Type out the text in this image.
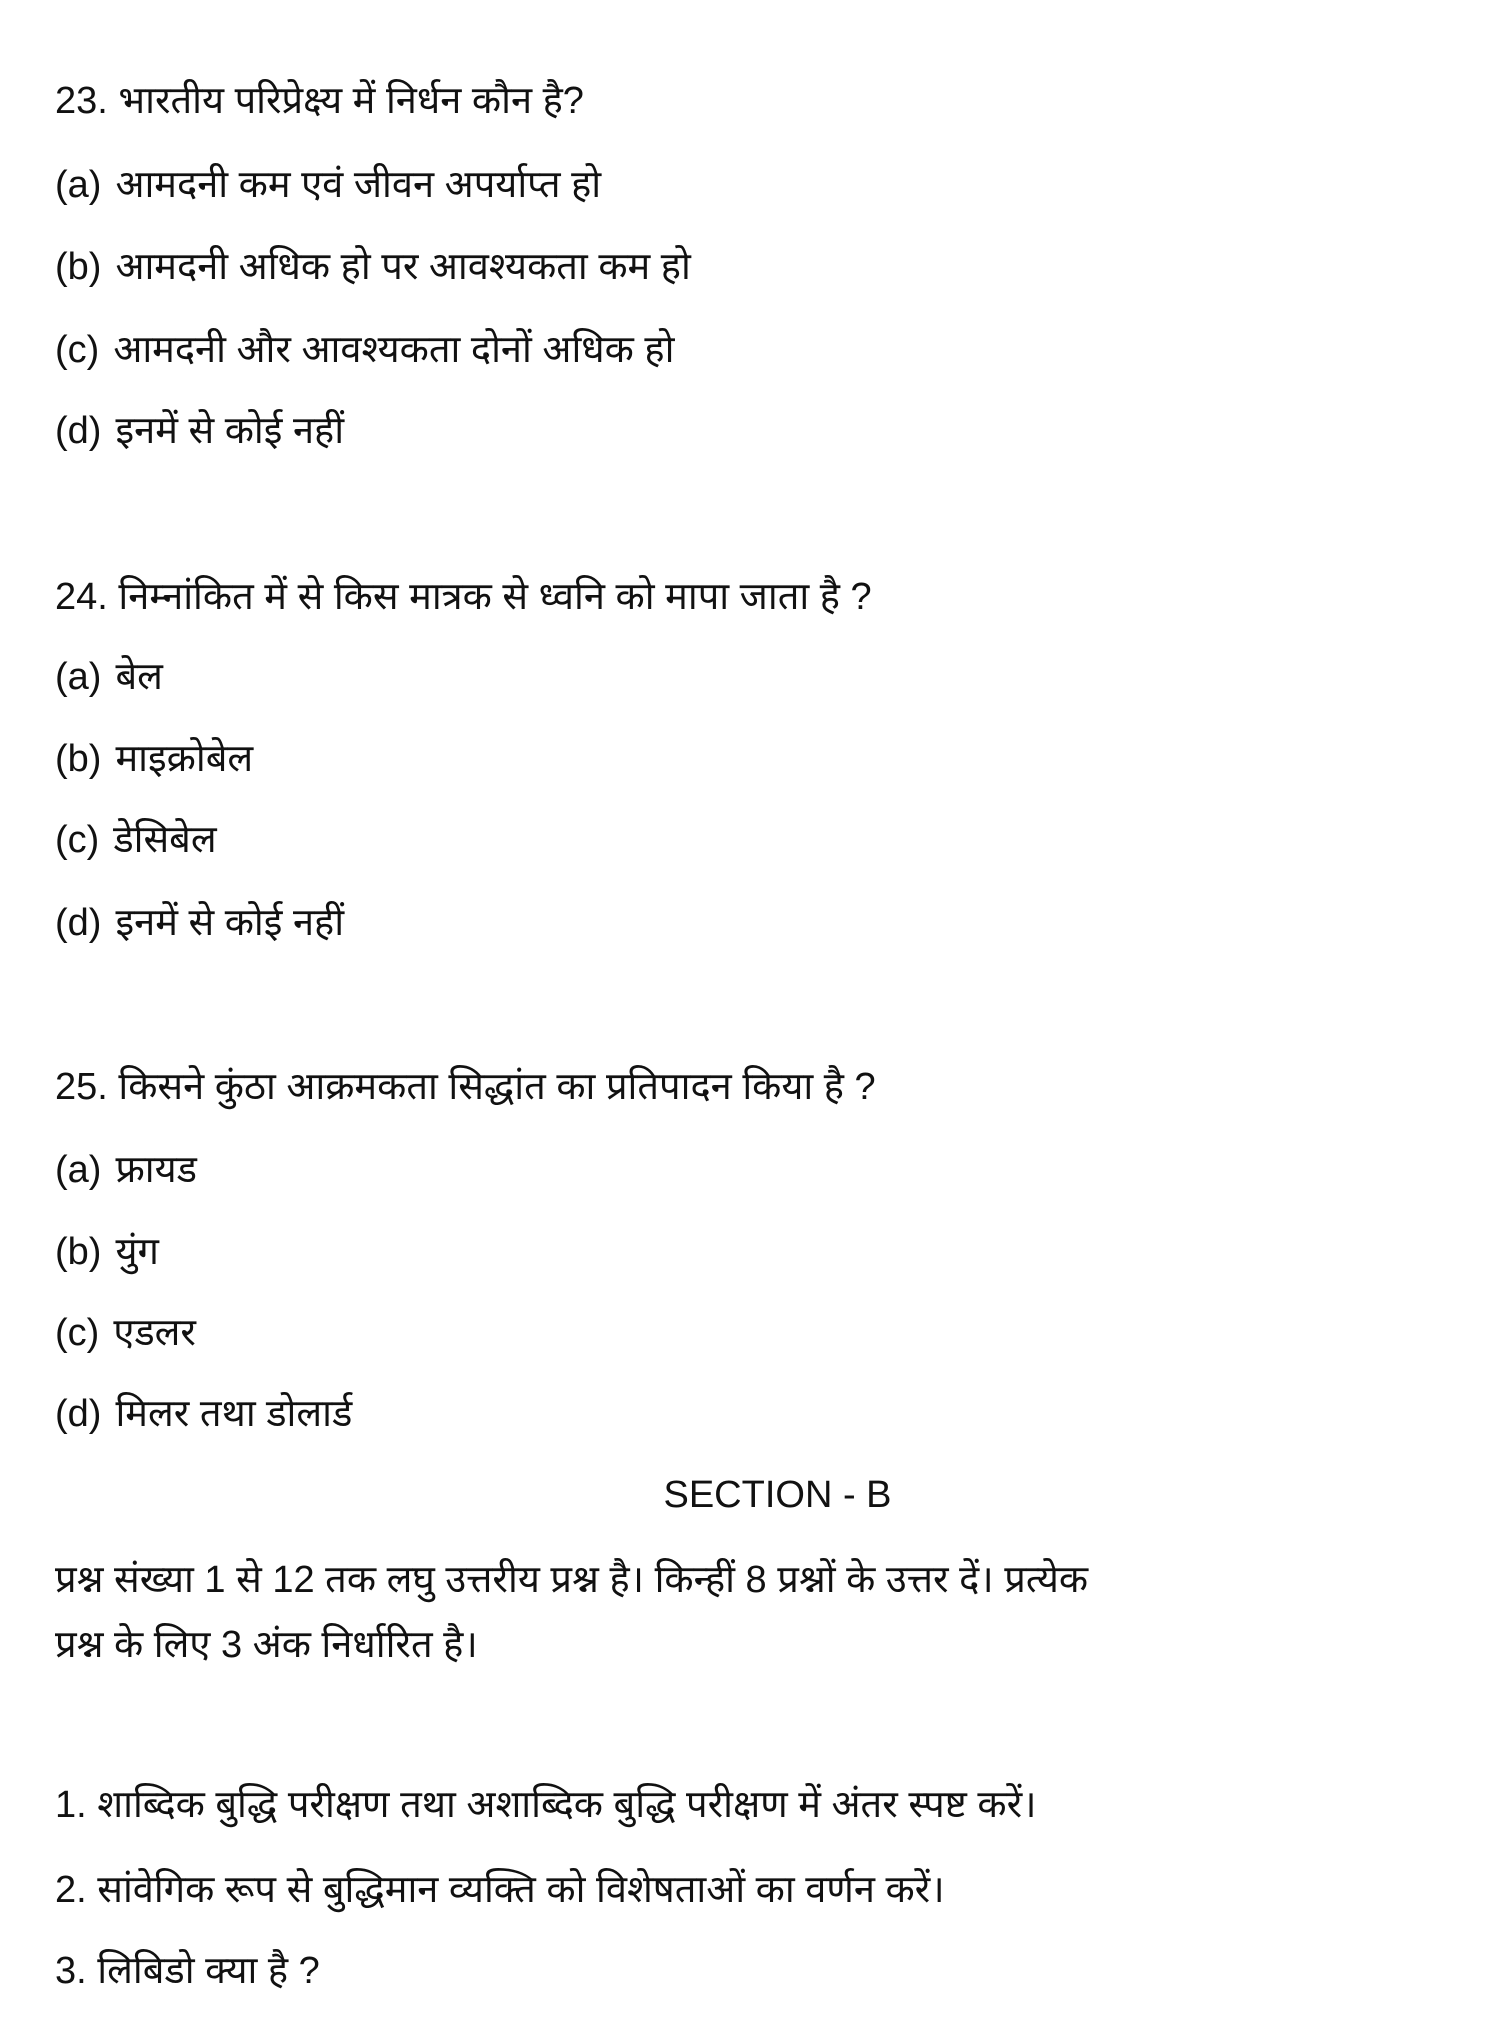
23. भारतीय परिप्रेक्ष्य में निर्धन कौन है?
(a) आमदनी कम एवं जीवन अपर्याप्त हो
(b) आमदनी अधिक हो पर आवश्यकता कम हो
(c) आमदनी और आवश्यकता दोनों अधिक हो
(d) इनमें से कोई नहीं
24. निम्नांकित में से किस मात्रक से ध्वनि को मापा जाता है ?
(a) बेल
(b) माइक्रोबेल
(c) डेसिबेल
(d) इनमें से कोई नहीं
25. किसने कुंठा आक्रमकता सिद्धांत का प्रतिपादन किया है ?
(a) फ्रायड
(b) युंग
(c) एडलर
(d) मिलर तथा डोलार्ड
SECTION - B
प्रश्न संख्या 1 से 12 तक लघु उत्तरीय प्रश्न है। किन्हीं 8 प्रश्नों के उत्तर दें। प्रत्येक
प्रश्न के लिए 3 अंक निर्धारित है।
1. शाब्दिक बुद्धि परीक्षण तथा अशाब्दिक बुद्धि परीक्षण में अंतर स्पष्ट करें।
2. सांवेगिक रूप से बुद्धिमान व्यक्ति को विशेषताओं का वर्णन करें।
3. लिबिडो क्या है ?
